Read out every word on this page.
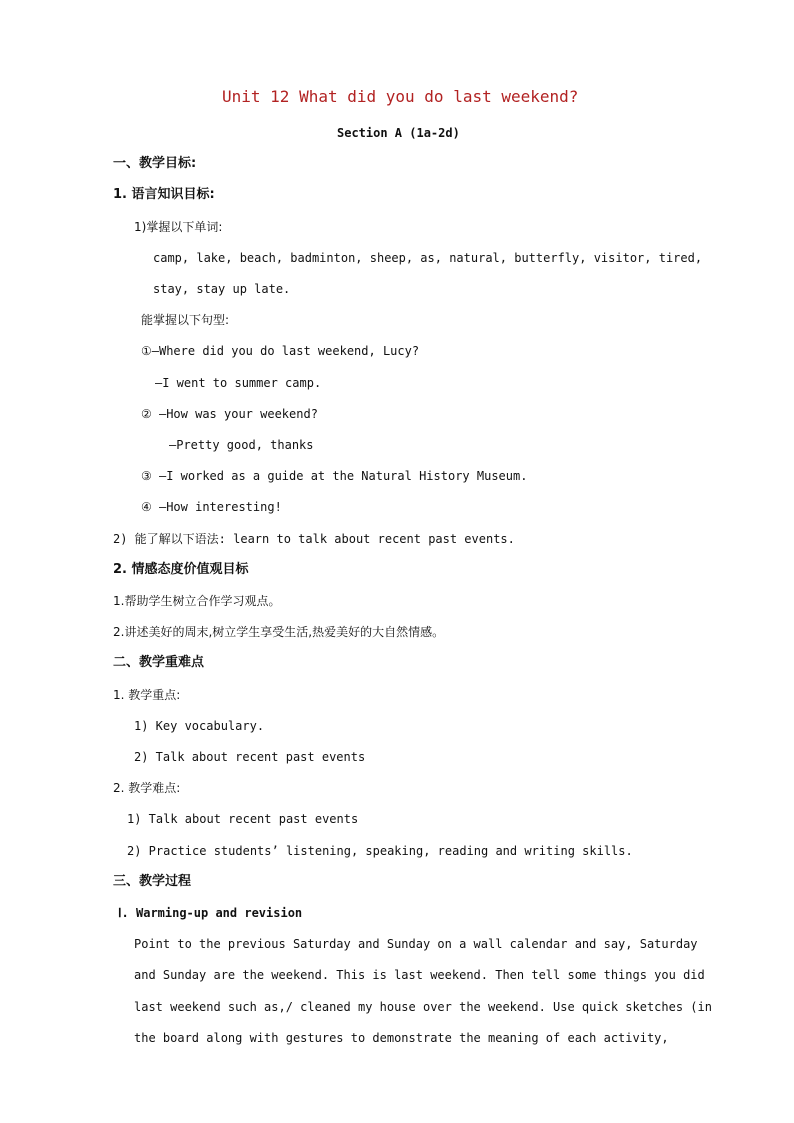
Unit 12 What did you do last weekend?
Section A (1a-2d)
一、教学目标:
1. 语言知识目标:
1)掌握以下单词:
camp, lake, beach, badminton, sheep, as, natural, butterfly, visitor, tired,
stay, stay up late.
能掌握以下句型:
①—Where did you do last weekend, Lucy?
—I went to summer camp.
② —How was your weekend?
—Pretty good, thanks
③ —I worked as a guide at the Natural History Museum.
④ —How interesting!
2) 能了解以下语法: learn to talk about recent past events.
2. 情感态度价值观目标
1.帮助学生树立合作学习观点。
2.讲述美好的周末,树立学生享受生活,热爱美好的大自然情感。
二、教学重难点
1. 教学重点:
1) Key vocabulary.
2) Talk about recent past events
2. 教学难点:
1) Talk about recent past events
2) Practice students’ listening, speaking, reading and writing skills.
三、教学过程
Ⅰ. Warming-up and revision
Point to the previous Saturday and Sunday on a wall calendar and say, Saturday
and Sunday are the weekend. This is last weekend. Then tell some things you did
last weekend such as,/ cleaned my house over the weekend. Use quick sketches (in
the board along with gestures to demonstrate the meaning of each activity,
